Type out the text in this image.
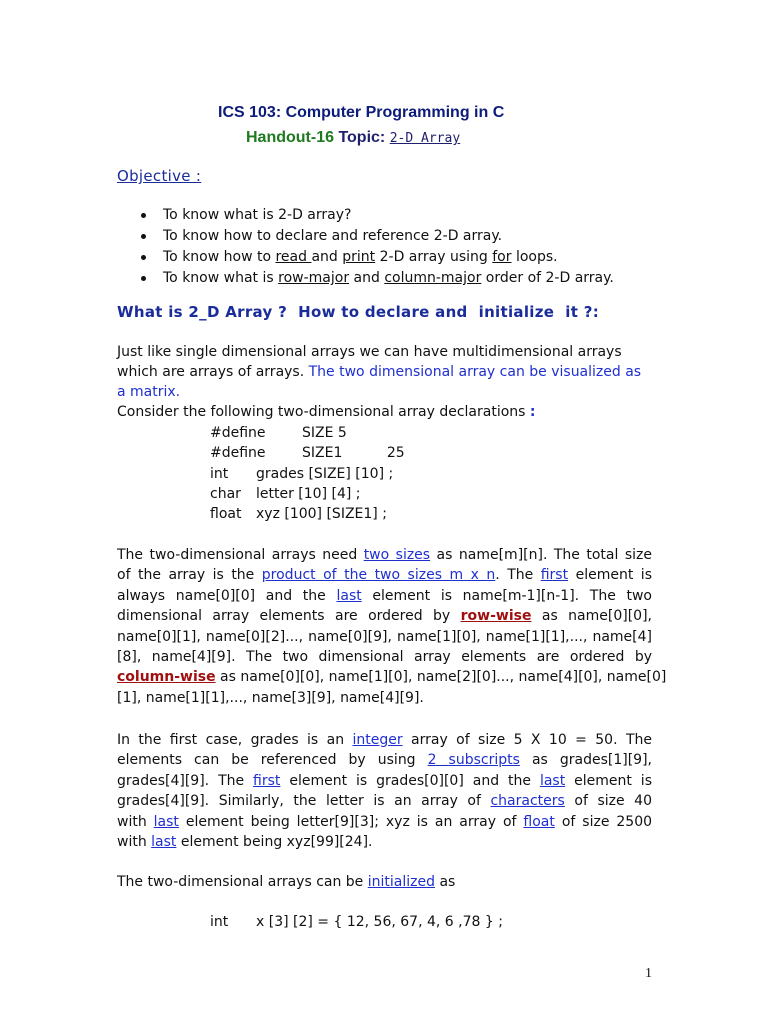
ICS 103: Computer Programming in C
Handout-16 Topic: 2-D Array
Objective :
To know what is 2-D array?
To know how to declare and reference 2-D array.
To know how to read and print 2-D array using for loops.
To know what is row-major and column-major order of 2-D array.
What is 2_D Array ?  How to declare and  initialize  it ?:
Just like single dimensional arrays we can have multidimensional arrays
which are arrays of arrays. The two dimensional array can be visualized as
a matrix.
Consider the following two-dimensional array declarations :
#define	SIZE 5
#define	SIZE1          25
int grades [SIZE] [10] ;
char letter [10] [4] ;
float xyz [100] [SIZE1] ;
The two-dimensional arrays need two sizes as name[m][n]. The total size
of the array is the product of the two sizes m x n. The first element is
always name[0][0] and the last element is name[m-1][n-1]. The two
dimensional array elements are ordered by row-wise as name[0][0],
name[0][1], name[0][2]..., name[0][9], name[1][0], name[1][1],..., name[4]
[8], name[4][9]. The two dimensional array elements are ordered by
column-wise as name[0][0], name[1][0], name[2][0]..., name[4][0], name[0]
[1], name[1][1],..., name[3][9], name[4][9].
In the first case, grades is an integer array of size 5 X 10 = 50. The
elements can be referenced by using 2 subscripts as grades[1][9],
grades[4][9]. The first element is grades[0][0] and the last element is
grades[4][9]. Similarly, the letter is an array of characters of size 40
with last element being letter[9][3]; xyz is an array of float of size 2500
with last element being xyz[99][24].
The two-dimensional arrays can be initialized as
int x [3] [2] = { 12, 56, 67, 4, 6 ,78 } ;
1
